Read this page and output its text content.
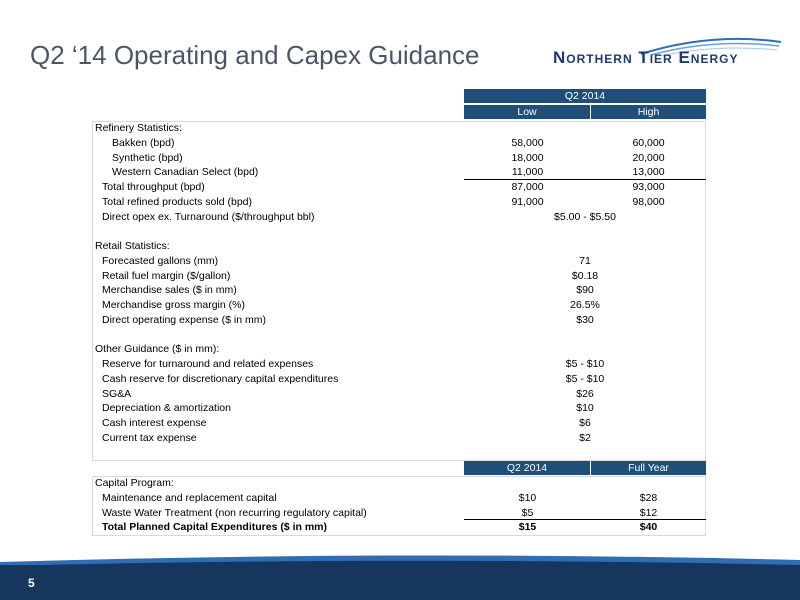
Q2 ‘14 Operating and Capex Guidance	Northern Tier Energy
Q2 2014
Low	High
Refinery Statistics:
Bakken (bpd)	58,000	60,000
Synthetic (bpd)	18,000	20,000
Western Canadian Select (bpd)	11,000	13,000
Total throughput (bpd)	87,000	93,000
Total refined products sold (bpd)	91,000	98,000
Direct opex ex. Turnaround ($/throughput bbl)	$5.00 - $5.50
Retail Statistics:
Forecasted gallons (mm)	71
Retail fuel margin ($/gallon)	$0.18
Merchandise sales ($ in mm)	$90
Merchandise gross margin (%)	26.5%
Direct operating expense ($ in mm)	$30
Other Guidance ($ in mm):
Reserve for turnaround and related expenses	$5 - $10
Cash reserve for discretionary capital expenditures	$5 - $10
SG&A	$26
Depreciation & amortization	$10
Cash interest expense	$6
Current tax expense	$2
Q2 2014	Full Year
Capital Program:
Maintenance and replacement capital	$10	$28
Waste Water Treatment (non recurring regulatory capital)	$5	$12
Total Planned Capital Expenditures ($ in mm)	$15	$40
5
